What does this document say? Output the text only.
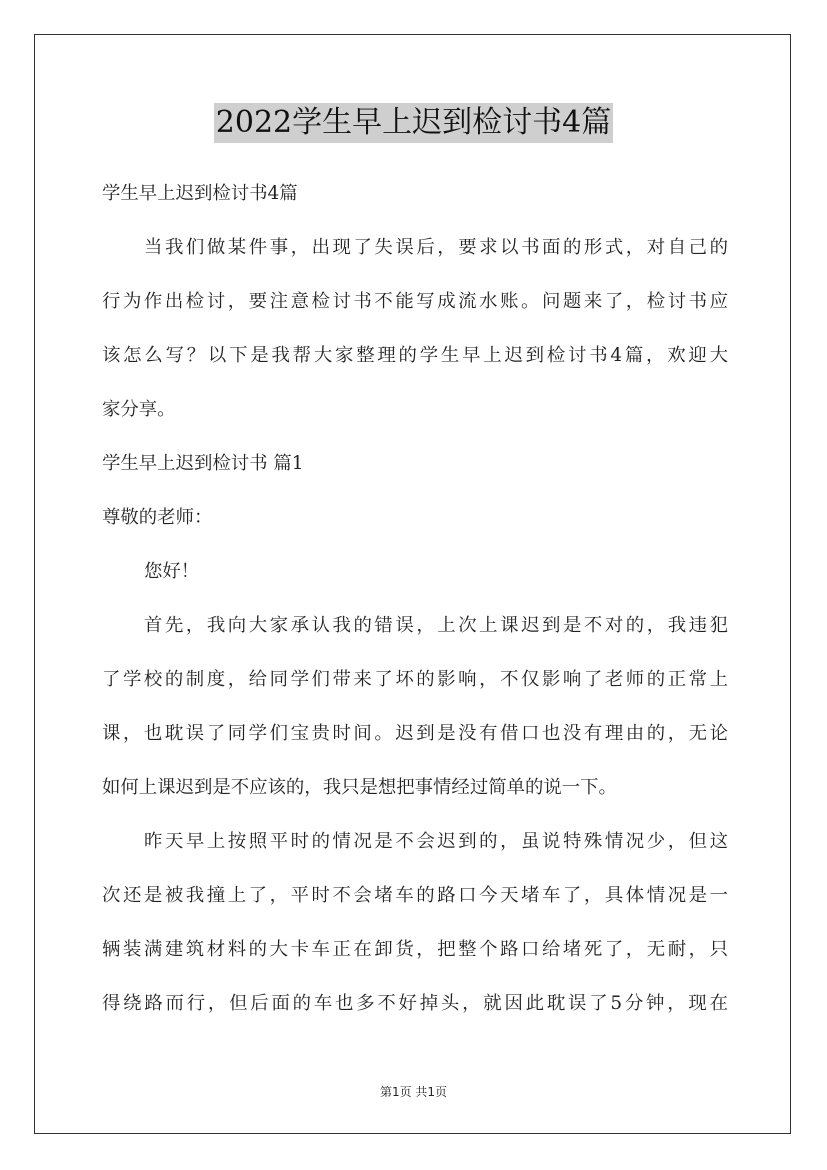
2022学生早上迟到检讨书4篇
学生早上迟到检讨书4篇
当我们做某件事，出现了失误后，要求以书面的形式，对自己的
行为作出检讨，要注意检讨书不能写成流水账。问题来了，检讨书应
该怎么写？以下是我帮大家整理的学生早上迟到检讨书4篇，欢迎大
家分享。
学生早上迟到检讨书 篇1
尊敬的老师：
您好！
首先，我向大家承认我的错误，上次上课迟到是不对的，我违犯
了学校的制度，给同学们带来了坏的影响，不仅影响了老师的正常上
课，也耽误了同学们宝贵时间。迟到是没有借口也没有理由的，无论
如何上课迟到是不应该的，我只是想把事情经过简单的说一下。
昨天早上按照平时的情况是不会迟到的，虽说特殊情况少，但这
次还是被我撞上了，平时不会堵车的路口今天堵车了，具体情况是一
辆装满建筑材料的大卡车正在卸货，把整个路口给堵死了，无耐，只
得绕路而行，但后面的车也多不好掉头，就因此耽误了5分钟，现在
第1页 共1页
